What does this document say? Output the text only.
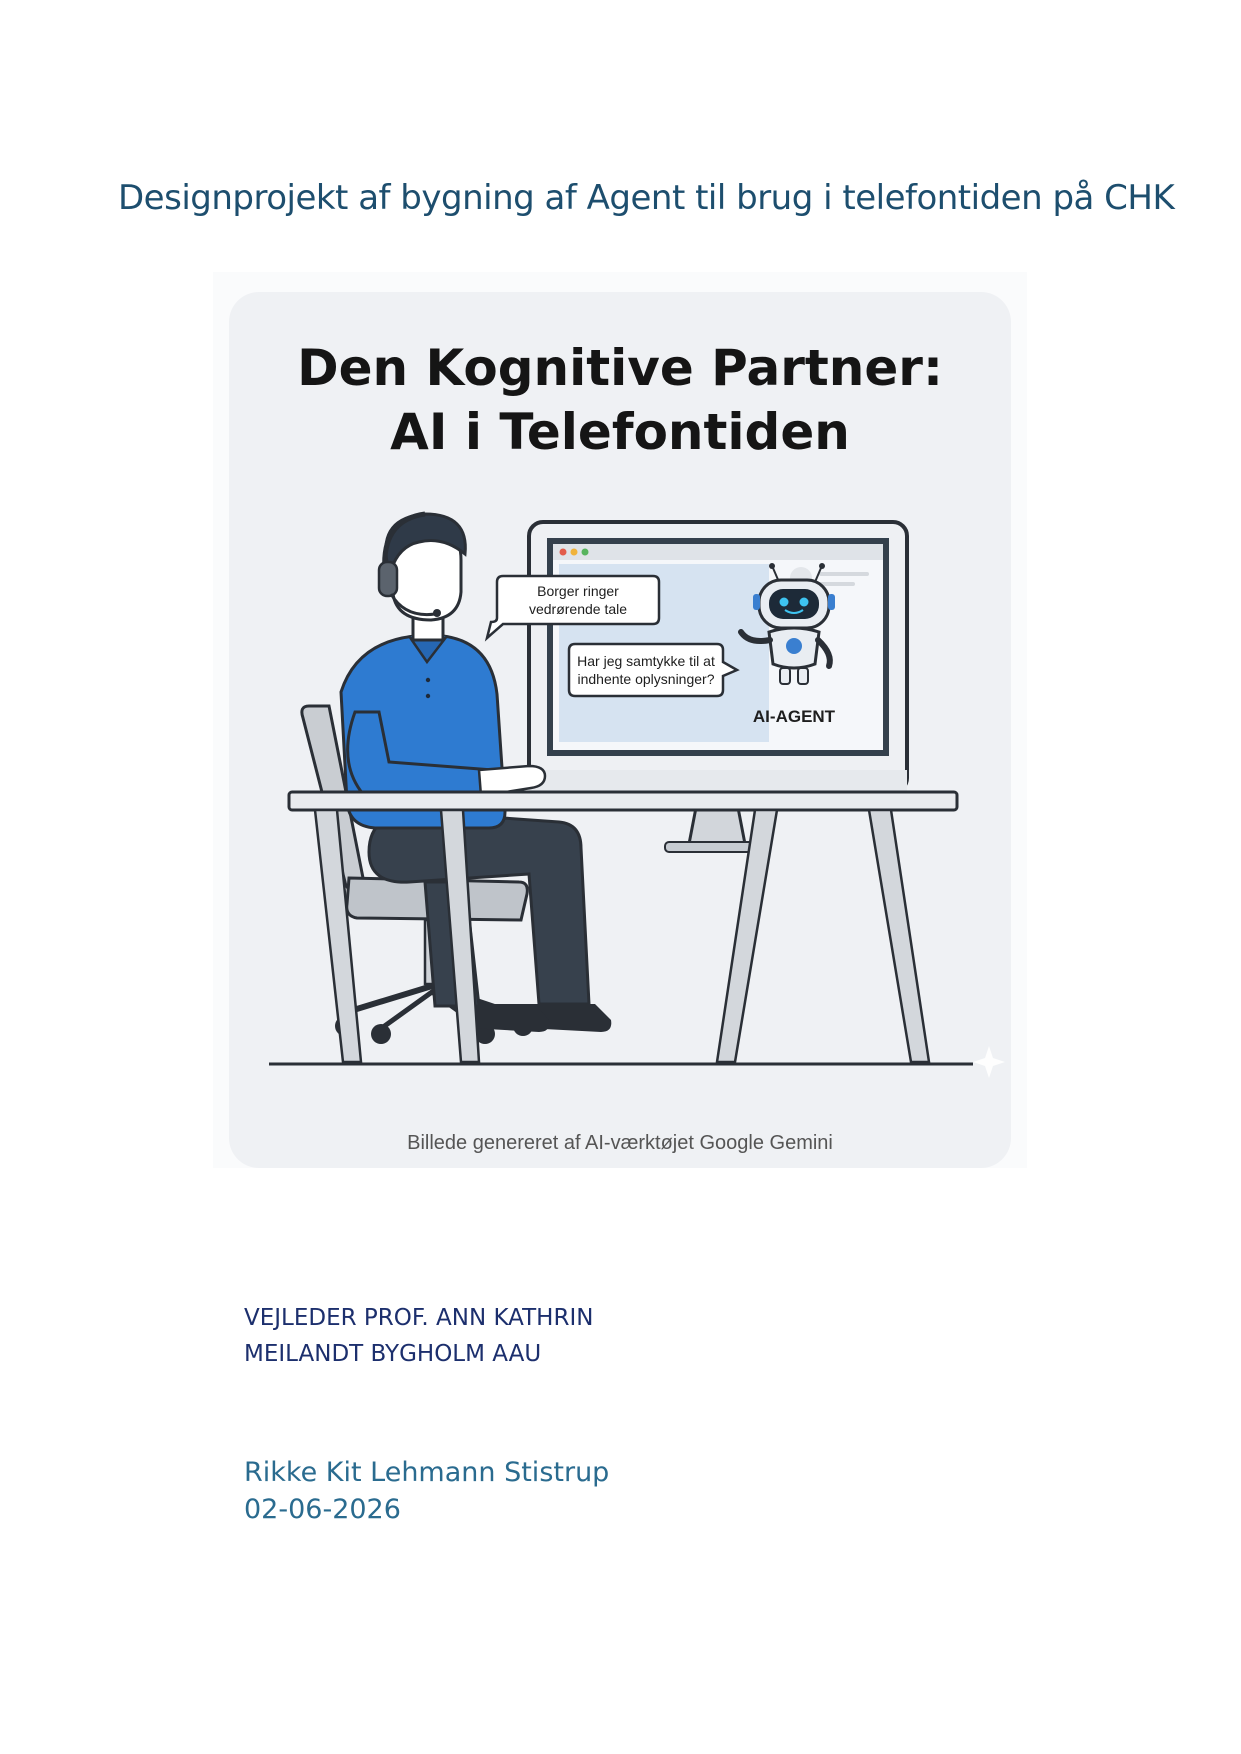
Designprojekt af bygning af Agent til brug i telefontiden på CHK
Den Kognitive Partner:
AI i Telefontiden
AI-AGENT
Borger ringer
vedrørende tale
Har jeg samtykke til at
indhente oplysninger?
Billede genereret af AI-værktøjet Google Gemini
VEJLEDER PROF. ANN KATHRIN
MEILANDT BYGHOLM AAU
Rikke Kit Lehmann Stistrup
02-06-2026
